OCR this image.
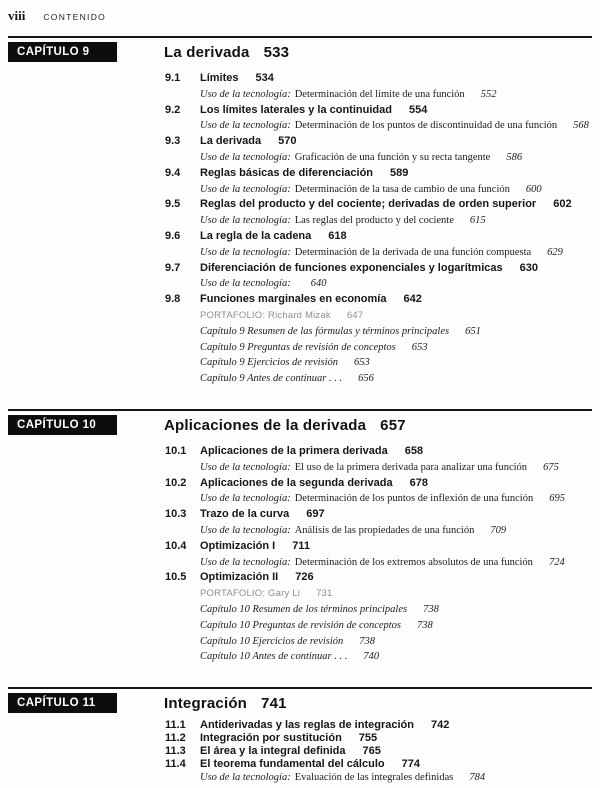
viii CONTENIDO
CAPÍTULO 9	La derivada 533
9.1 Límites 534
Uso de la tecnología: Determinación del límite de una función 552
9.2 Los límites laterales y la continuidad 554
Uso de la tecnología: Determinación de los puntos de discontinuidad de una función 568
9.3 La derivada 570
Uso de la tecnología: Graficación de una función y su recta tangente 586
9.4 Reglas básicas de diferenciación 589
Uso de la tecnología: Determinación de la tasa de cambio de una función 600
9.5 Reglas del producto y del cociente; derivadas de orden superior 602
Uso de la tecnología: Las reglas del producto y del cociente 615
9.6 La regla de la cadena 618
Uso de la tecnología: Determinación de la derivada de una función compuesta 629
9.7 Diferenciación de funciones exponenciales y logarítmicas 630
Uso de la tecnología: 640
9.8 Funciones marginales en economía 642
PORTAFOLIO: Richard Mizak 647
Capítulo 9 Resumen de las fórmulas y términos principales 651
Capítulo 9 Preguntas de revisión de conceptos 653
Capítulo 9 Ejercicios de revisión 653
Capítulo 9 Antes de continuar . . . 656
CAPÍTULO 10	Aplicaciones de la derivada 657
10.1 Aplicaciones de la primera derivada 658
Uso de la tecnología: El uso de la primera derivada para analizar una función 675
10.2 Aplicaciones de la segunda derivada 678
Uso de la tecnología: Determinación de los puntos de inflexión de una función 695
10.3 Trazo de la curva 697
Uso de la tecnología: Análisis de las propiedades de una función 709
10.4 Optimización I 711
Uso de la tecnología: Determinación de los extremos absolutos de una función 724
10.5 Optimización II 726
PORTAFOLIO: Gary Li 731
Capítulo 10 Resumen de los términos principales 738
Capítulo 10 Preguntas de revisión de conceptos 738
Capítulo 10 Ejercicios de revisión 738
Capítulo 10 Antes de continuar . . . 740
CAPÍTULO 11	Integración 741
11.1 Antiderivadas y las reglas de integración 742
11.2 Integración por sustitución 755
11.3 El área y la integral definida 765
11.4 El teorema fundamental del cálculo 774
Uso de la tecnología: Evaluación de las integrales definidas 784
